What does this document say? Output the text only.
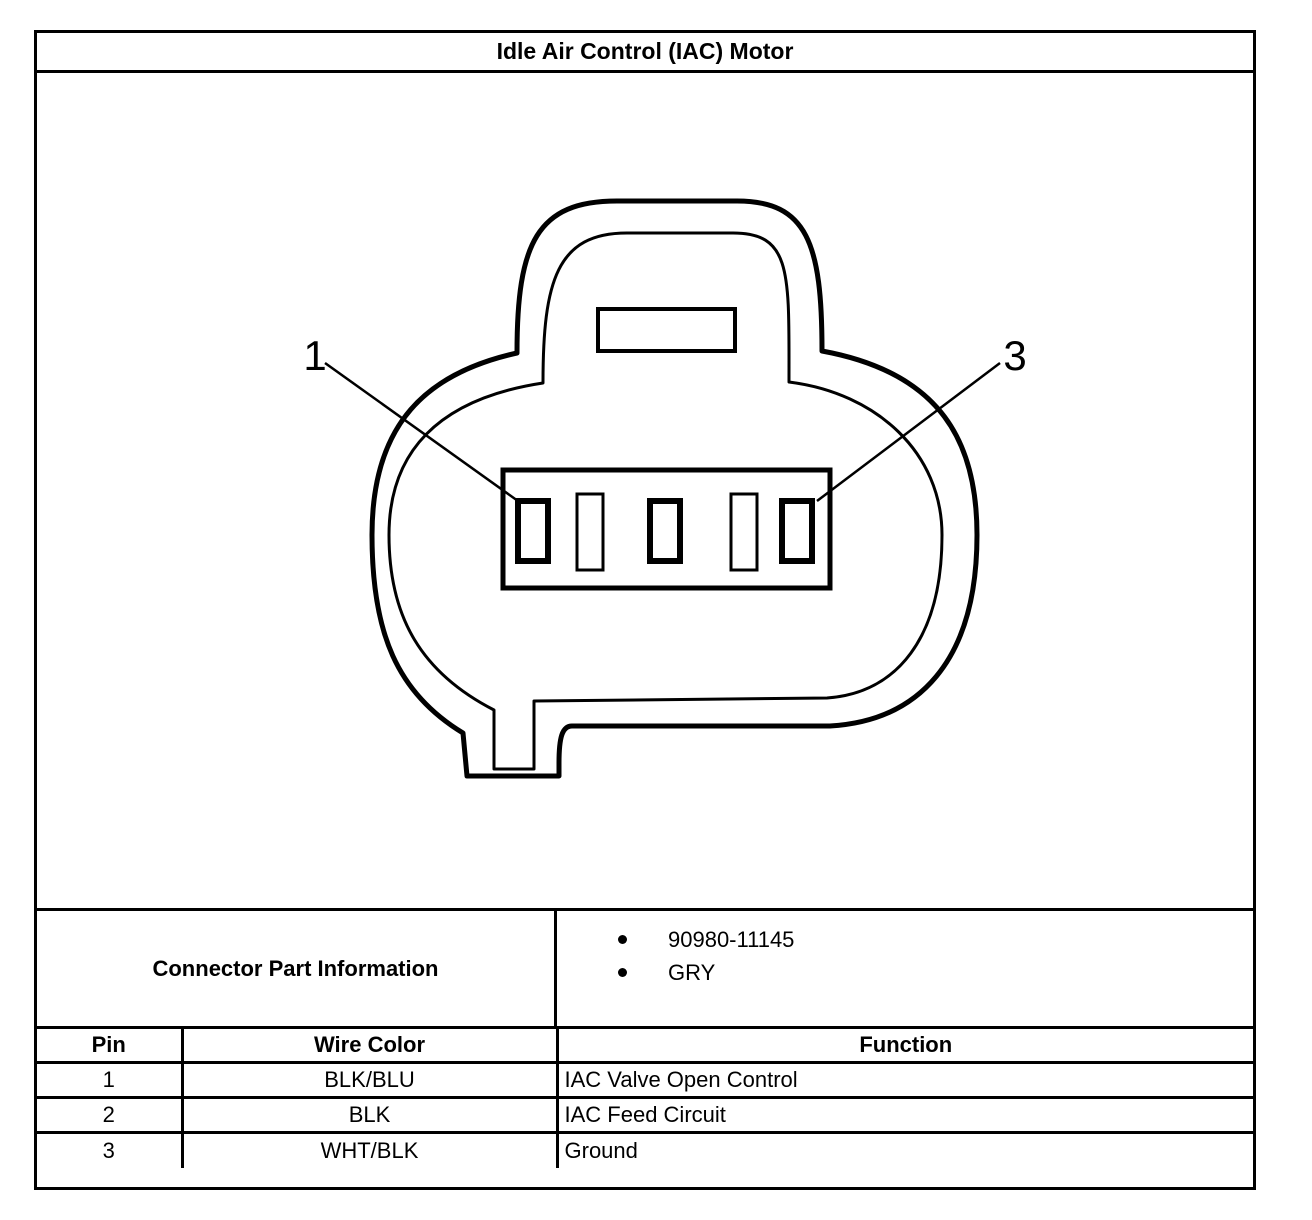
Idle Air Control (IAC) Motor
1	3
Connector Part Information
90980-11145
GRY
Pin	Wire Color	Function
1	BLK/BLU	IAC Valve Open Control
2	BLK	IAC Feed Circuit
3	WHT/BLK	Ground
